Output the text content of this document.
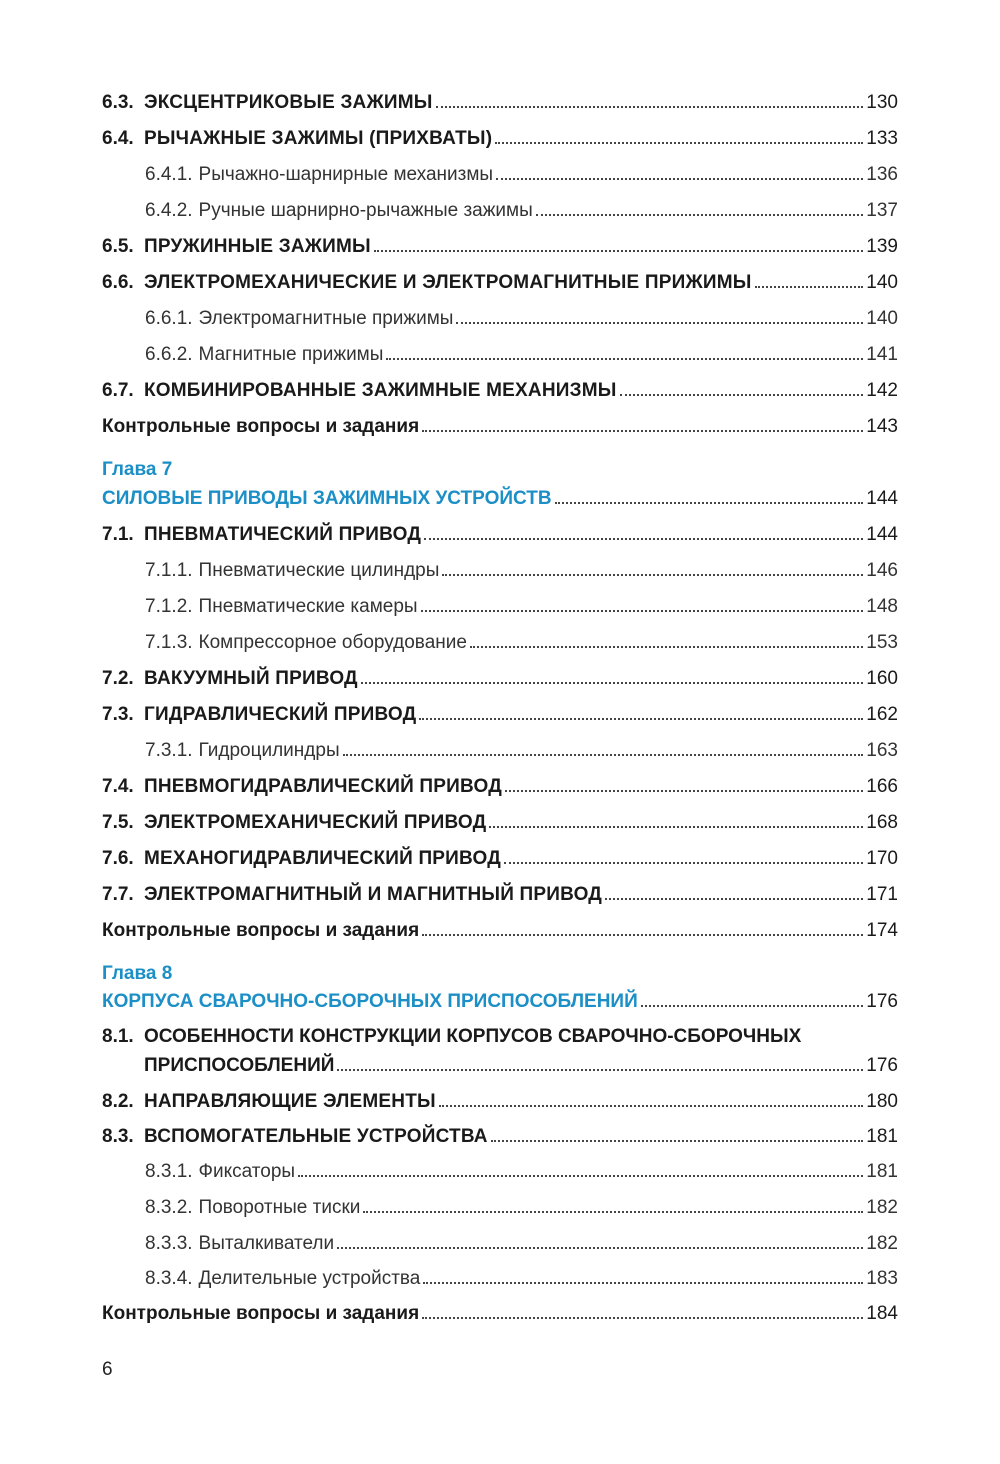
6.3. ЭКСЦЕНТРИКОВЫЕ ЗАЖИМЫ	130
6.4. РЫЧАЖНЫЕ ЗАЖИМЫ (ПРИХВАТЫ)	133
6.4.1. Рычажно-шарнирные механизмы	136
6.4.2. Ручные шарнирно-рычажные зажимы	137
6.5. ПРУЖИННЫЕ ЗАЖИМЫ	139
6.6. ЭЛЕКТРОМЕХАНИЧЕСКИЕ И ЭЛЕКТРОМАГНИТНЫЕ ПРИЖИМЫ	140
6.6.1. Электромагнитные прижимы	140
6.6.2. Магнитные прижимы	141
6.7. КОМБИНИРОВАННЫЕ ЗАЖИМНЫЕ МЕХАНИЗМЫ	142
Контрольные вопросы и задания	143
Глава 7
СИЛОВЫЕ ПРИВОДЫ ЗАЖИМНЫХ УСТРОЙСТВ	144
7.1. ПНЕВМАТИЧЕСКИЙ ПРИВОД	144
7.1.1. Пневматические цилиндры	146
7.1.2. Пневматические камеры	148
7.1.3. Компрессорное оборудование	153
7.2. ВАКУУМНЫЙ ПРИВОД	160
7.3. ГИДРАВЛИЧЕСКИЙ ПРИВОД	162
7.3.1. Гидроцилиндры	163
7.4. ПНЕВМОГИДРАВЛИЧЕСКИЙ ПРИВОД	166
7.5. ЭЛЕКТРОМЕХАНИЧЕСКИЙ ПРИВОД	168
7.6. МЕХАНОГИДРАВЛИЧЕСКИЙ ПРИВОД	170
7.7. ЭЛЕКТРОМАГНИТНЫЙ И МАГНИТНЫЙ ПРИВОД	171
Контрольные вопросы и задания	174
Глава 8
КОРПУСА СВАРОЧНО-СБОРОЧНЫХ ПРИСПОСОБЛЕНИЙ	176
8.1. ОСОБЕННОСТИ КОНСТРУКЦИИ КОРПУСОВ СВАРОЧНО-СБОРОЧНЫХ
ПРИСПОСОБЛЕНИЙ	176
8.2. НАПРАВЛЯЮЩИЕ ЭЛЕМЕНТЫ	180
8.3. ВСПОМОГАТЕЛЬНЫЕ УСТРОЙСТВА	181
8.3.1. Фиксаторы	181
8.3.2. Поворотные тиски	182
8.3.3. Выталкиватели	182
8.3.4. Делительные устройства	183
Контрольные вопросы и задания	184
6
